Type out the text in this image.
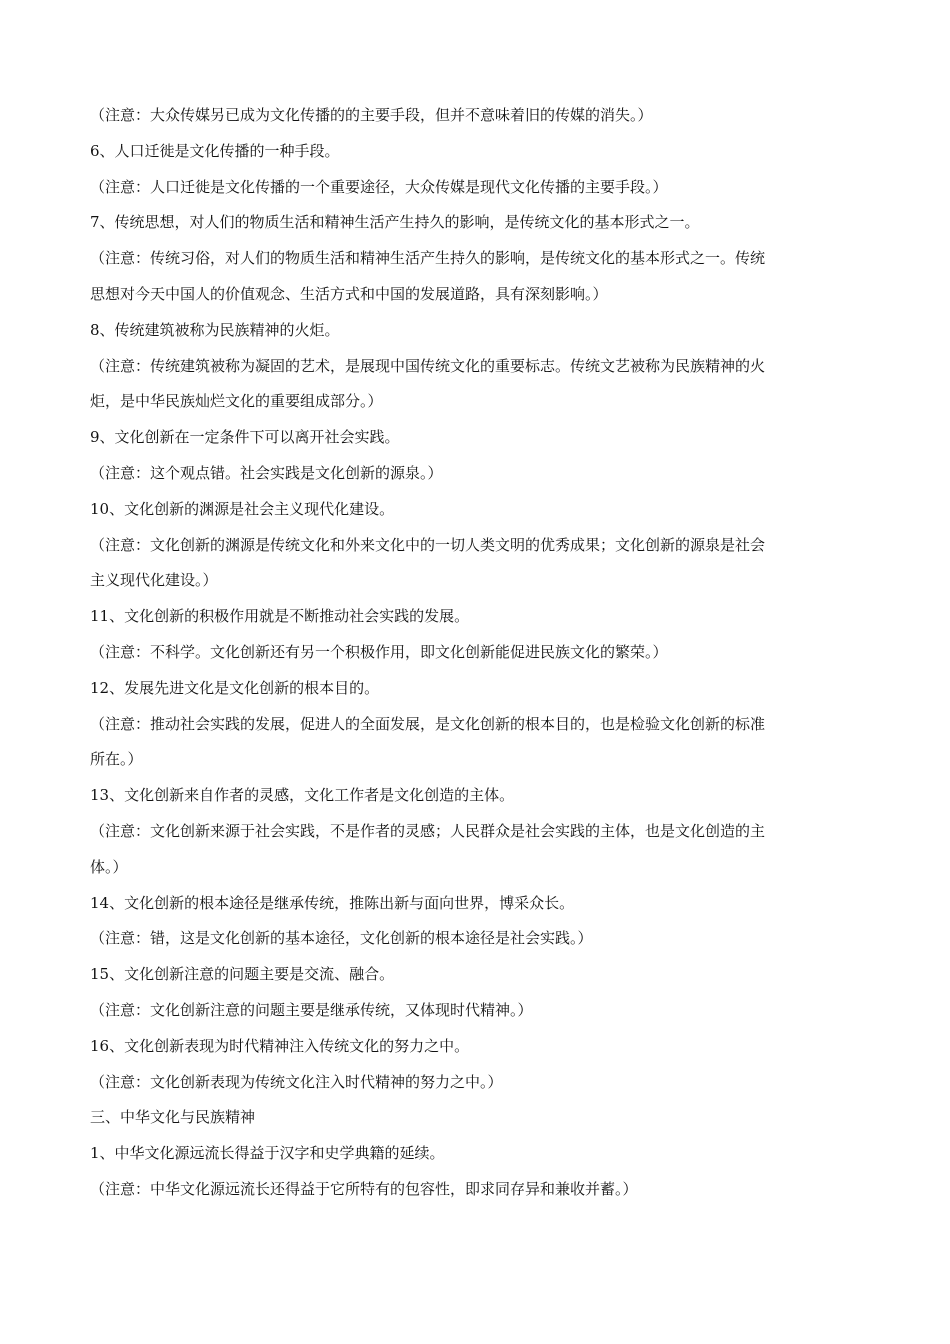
（注意：大众传媒另已成为文化传播的的主要手段，但并不意味着旧的传媒的消失。）

6、人口迁徙是文化传播的一种手段。

（注意：人口迁徙是文化传播的一个重要途径，大众传媒是现代文化传播的主要手段。）

7、传统思想，对人们的物质生活和精神生活产生持久的影响，是传统文化的基本形式之一。

（注意：传统习俗，对人们的物质生活和精神生活产生持久的影响，是传统文化的基本形式之一。传统

思想对今天中国人的价值观念、生活方式和中国的发展道路，具有深刻影响。）

8、传统建筑被称为民族精神的火炬。

（注意：传统建筑被称为凝固的艺术，是展现中国传统文化的重要标志。传统文艺被称为民族精神的火

炬，是中华民族灿烂文化的重要组成部分。）

9、文化创新在一定条件下可以离开社会实践。

（注意：这个观点错。社会实践是文化创新的源泉。）

10、文化创新的渊源是社会主义现代化建设。

（注意：文化创新的渊源是传统文化和外来文化中的一切人类文明的优秀成果；文化创新的源泉是社会

主义现代化建设。）

11、文化创新的积极作用就是不断推动社会实践的发展。

（注意：不科学。文化创新还有另一个积极作用，即文化创新能促进民族文化的繁荣。）

12、发展先进文化是文化创新的根本目的。

（注意：推动社会实践的发展，促进人的全面发展，是文化创新的根本目的，也是检验文化创新的标准

所在。）

13、文化创新来自作者的灵感，文化工作者是文化创造的主体。

（注意：文化创新来源于社会实践，不是作者的灵感；人民群众是社会实践的主体，也是文化创造的主

体。）

14、文化创新的根本途径是继承传统，推陈出新与面向世界，博采众长。

（注意：错，这是文化创新的基本途径，文化创新的根本途径是社会实践。）

15、文化创新注意的问题主要是交流、融合。

（注意：文化创新注意的问题主要是继承传统，又体现时代精神。）

16、文化创新表现为时代精神注入传统文化的努力之中。

（注意：文化创新表现为传统文化注入时代精神的努力之中。）

三、中华文化与民族精神

1、中华文化源远流长得益于汉字和史学典籍的延续。

（注意：中华文化源远流长还得益于它所特有的包容性，即求同存异和兼收并蓄。）
